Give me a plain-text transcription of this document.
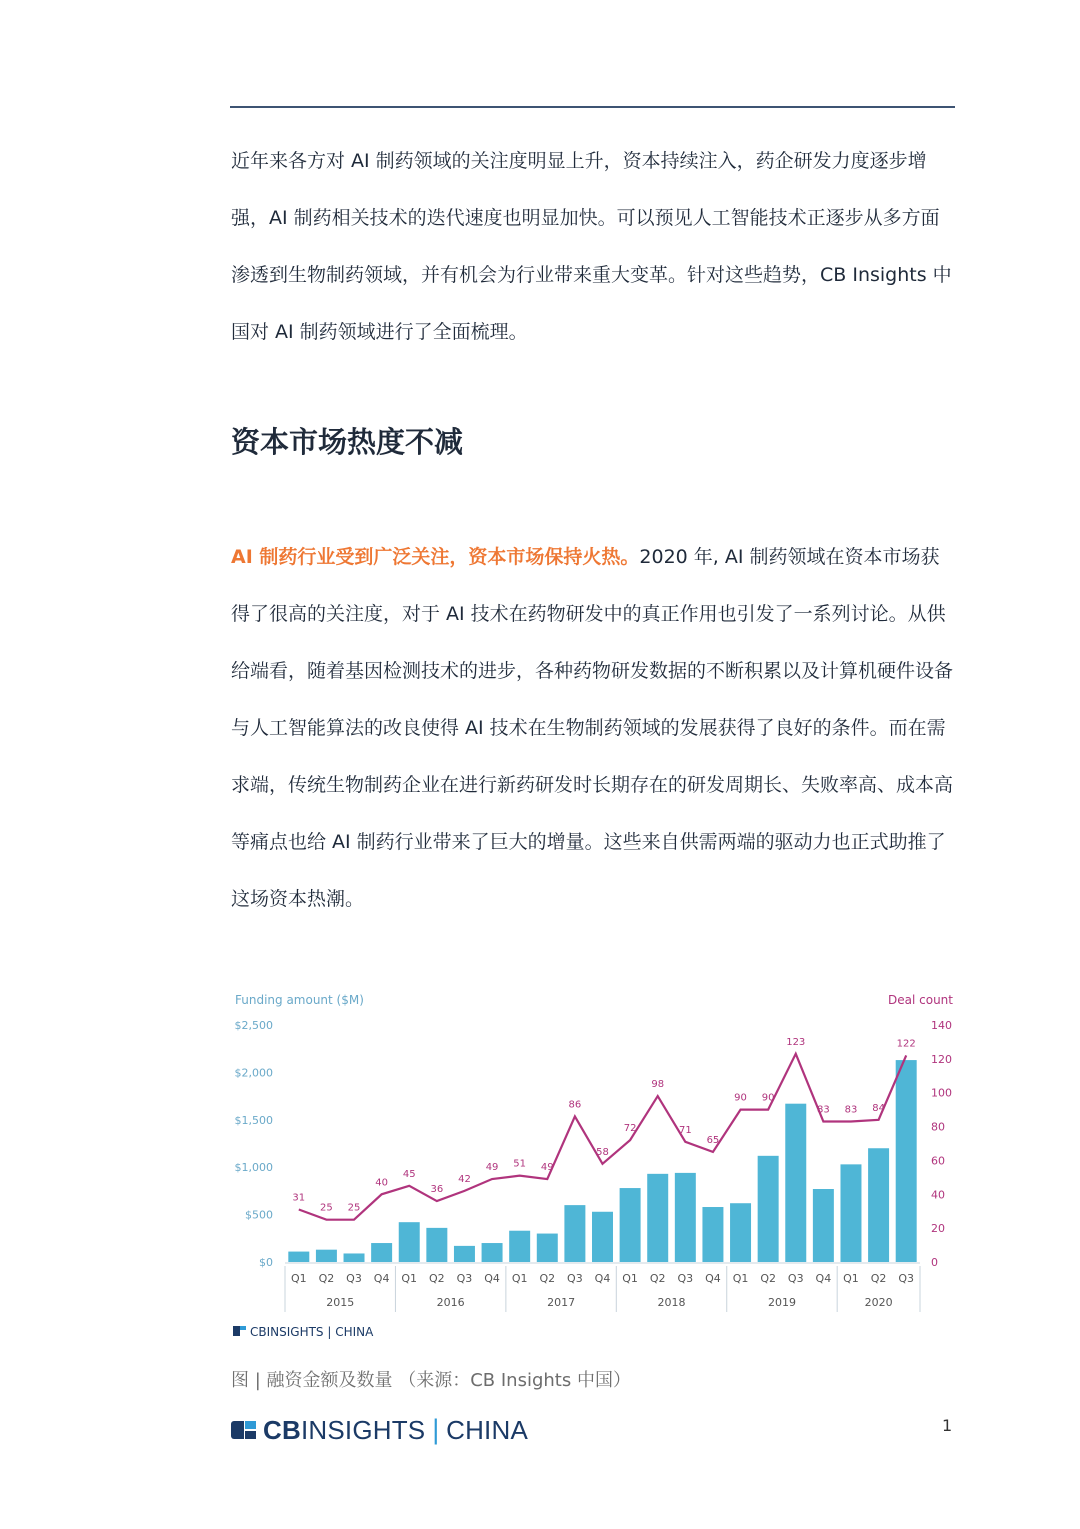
近年来各方对 AI 制药领域的关注度明显上升，资本持续注入，药企研发力度逐步增强，AI 制药相关技术的迭代速度也明显加快。可以预见人工智能技术正逐步从多方面渗透到生物制药领域，并有机会为行业带来重大变革。针对这些趋势，CB Insights 中国对 AI 制药领域进行了全面梳理。

资本市场热度不减

AI 制药行业受到广泛关注，资本市场保持火热。2020 年, AI 制药领域在资本市场获得了很高的关注度，对于 AI 技术在药物研发中的真正作用也引发了一系列讨论。从供给端看，随着基因检测技术的进步，各种药物研发数据的不断积累以及计算机硬件设备与人工智能算法的改良使得 AI 技术在生物制药领域的发展获得了良好的条件。而在需求端，传统生物制药企业在进行新药研发时长期存在的研发周期长、失败率高、成本高等痛点也给 AI 制药行业带来了巨大的增量。这些来自供需两端的驱动力也正式助推了这场资本热潮。

Funding amount ($M)	Deal count
$0
$500
$1,000
$1,500
$2,000
$2,500
0
20
40
60
80
100
120
140
31
25 25
40
45
36
42
49 51 49
86
58
72
98
71
65
90 90
123
83 83 84
122
Q1 Q2 Q3 Q4 Q1 Q2 Q3 Q4 Q1 Q2 Q3 Q4 Q1 Q2 Q3 Q4 Q1 Q2 Q3 Q4 Q1 Q2 Q3
2015	2016	2017	2018	2019	2020
CBINSIGHTS | CHINA
图 | 融资金额及数量 （来源：CB Insights 中国）
CBINSIGHTS | CHINA	1
